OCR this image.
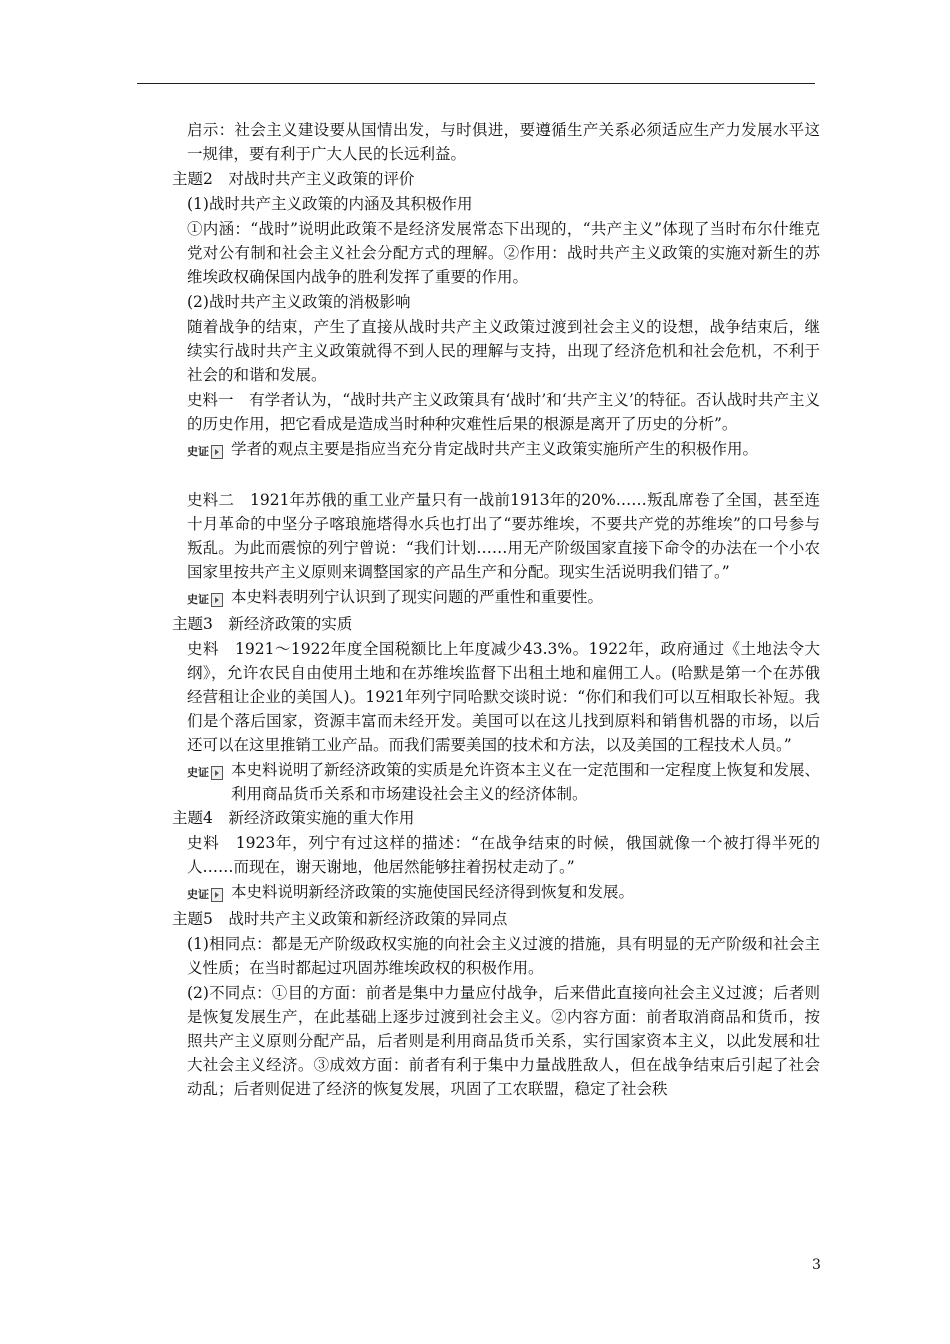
启示：社会主义建设要从国情出发，与时俱进，要遵循生产关系必须适应生产力发展水平这一规律，要有利于广大人民的长远利益。

主题2　对战时共产主义政策的评价

(1)战时共产主义政策的内涵及其积极作用

①内涵：“战时”说明此政策不是经济发展常态下出现的，“共产主义”体现了当时布尔什维克党对公有制和社会主义社会分配方式的理解。②作用：战时共产主义政策的实施对新生的苏维埃政权确保国内战争的胜利发挥了重要的作用。

(2)战时共产主义政策的消极影响

随着战争的结束，产生了直接从战时共产主义政策过渡到社会主义的设想，战争结束后，继续实行战时共产主义政策就得不到人民的理解与支持，出现了经济危机和社会危机，不利于社会的和谐和发展。

史料一　有学者认为，“战时共产主义政策具有‘战时’和‘共产主义’的特征。否认战时共产主义的历史作用，把它看成是造成当时种种灾难性后果的根源是离开了历史的分析”。

史证 学者的观点主要是指应当充分肯定战时共产主义政策实施所产生的积极作用。

史料二　1921年苏俄的重工业产量只有一战前1913年的20%……叛乱席卷了全国，甚至连十月革命的中坚分子喀琅施塔得水兵也打出了“要苏维埃，不要共产党的苏维埃”的口号参与叛乱。为此而震惊的列宁曾说：“我们计划……用无产阶级国家直接下命令的办法在一个小农国家里按共产主义原则来调整国家的产品生产和分配。现实生活说明我们错了。”

史证 本史料表明列宁认识到了现实问题的严重性和重要性。

主题3　新经济政策的实质

史料　1921～1922年度全国税额比上年度减少43.3%。1922年，政府通过《土地法令大纲》，允许农民自由使用土地和在苏维埃监督下出租土地和雇佣工人。(哈默是第一个在苏俄经营租让企业的美国人)。1921年列宁同哈默交谈时说：“你们和我们可以互相取长补短。我们是个落后国家，资源丰富而未经开发。美国可以在这儿找到原料和销售机器的市场，以后还可以在这里推销工业产品。而我们需要美国的技术和方法，以及美国的工程技术人员。”

史证 本史料说明了新经济政策的实质是允许资本主义在一定范围和一定程度上恢复和发展、利用商品货币关系和市场建设社会主义的经济体制。

主题4　新经济政策实施的重大作用

史料　1923年，列宁有过这样的描述：“在战争结束的时候，俄国就像一个被打得半死的人……而现在，谢天谢地，他居然能够拄着拐杖走动了。”

史证 本史料说明新经济政策的实施使国民经济得到恢复和发展。

主题5　战时共产主义政策和新经济政策的异同点

(1)相同点：都是无产阶级政权实施的向社会主义过渡的措施，具有明显的无产阶级和社会主义性质；在当时都起过巩固苏维埃政权的积极作用。

(2)不同点：①目的方面：前者是集中力量应付战争，后来借此直接向社会主义过渡；后者则是恢复发展生产，在此基础上逐步过渡到社会主义。②内容方面：前者取消商品和货币，按照共产主义原则分配产品，后者则是利用商品货币关系，实行国家资本主义，以此发展和壮大社会主义经济。③成效方面：前者有利于集中力量战胜敌人，但在战争结束后引起了社会动乱；后者则促进了经济的恢复发展，巩固了工农联盟，稳定了社会秩

3
